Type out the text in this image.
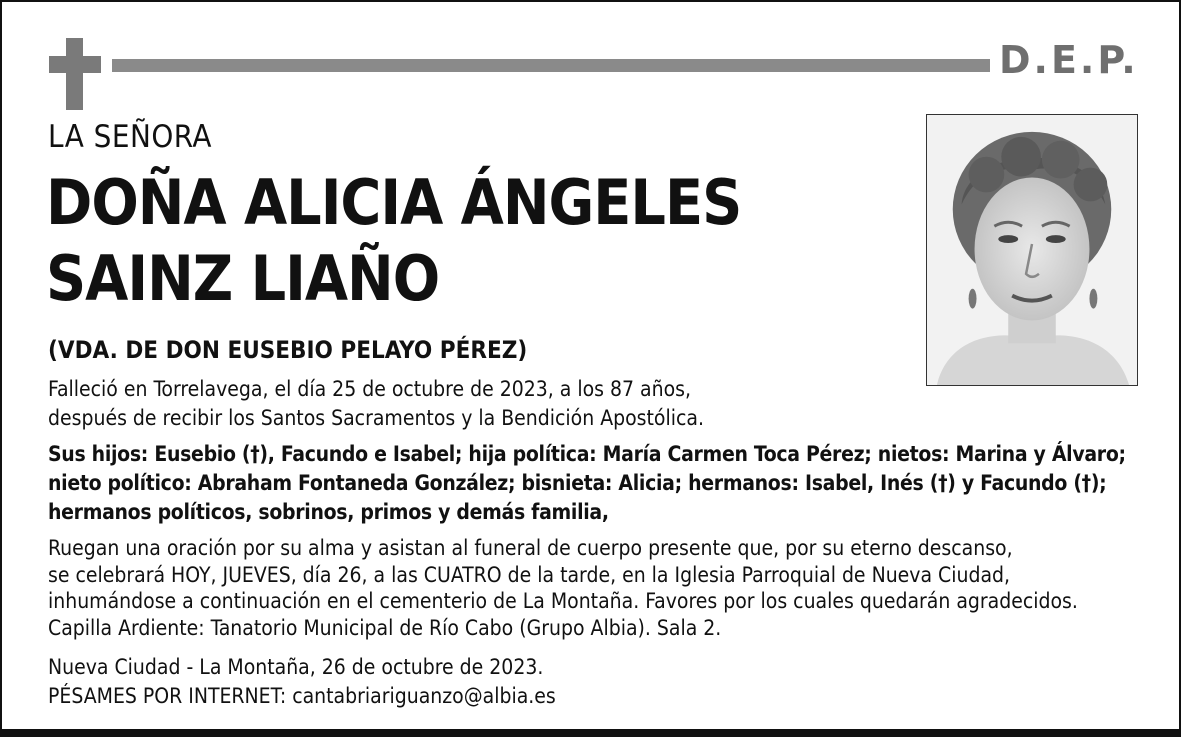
D.E.P.
LA SEÑORA
DOÑA ALICIA ÁNGELES
SAINZ LIAÑO
(VDA. DE DON EUSEBIO PELAYO PÉREZ)
Falleció en Torrelavega, el día 25 de octubre de 2023, a los 87 años,
después de recibir los Santos Sacramentos y la Bendición Apostólica.
Sus hijos: Eusebio (†), Facundo e Isabel; hija política: María Carmen Toca Pérez; nietos: Marina y Álvaro;
nieto político: Abraham Fontaneda González; bisnieta: Alicia; hermanos: Isabel, Inés (†) y Facundo (†);
hermanos políticos, sobrinos, primos y demás familia,
Ruegan una oración por su alma y asistan al funeral de cuerpo presente que, por su eterno descanso,
se celebrará HOY, JUEVES, día 26, a las CUATRO de la tarde, en la Iglesia Parroquial de Nueva Ciudad,
inhumándose a continuación en el cementerio de La Montaña. Favores por los cuales quedarán agradecidos.
Capilla Ardiente: Tanatorio Municipal de Río Cabo (Grupo Albia). Sala 2.
Nueva Ciudad - La Montaña, 26 de octubre de 2023.
PÉSAMES POR INTERNET: cantabriariguanzo@albia.es
